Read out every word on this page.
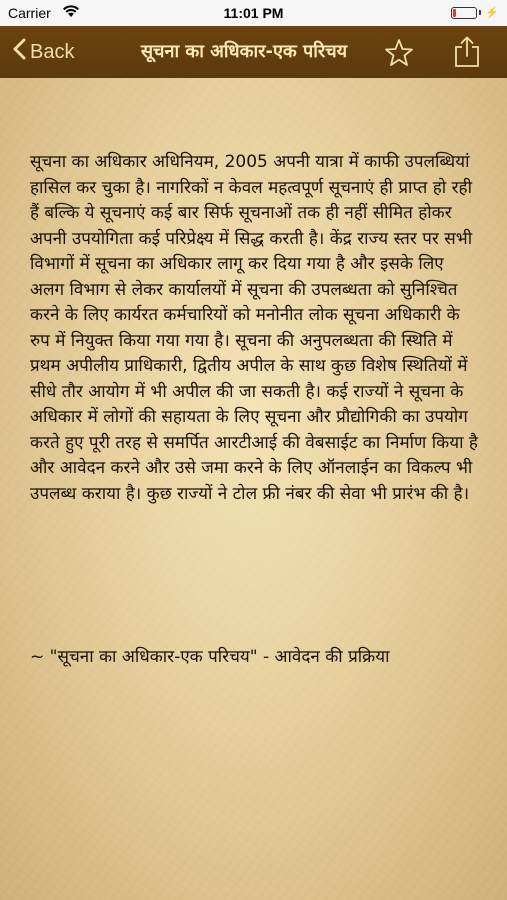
Carrier	11:01 PM	⚡
Back	सूचना का अधिकार-एक परिचय

सूचना का अधिकार अधिनियम, 2005 अपनी यात्रा में काफी उपलब्धियां हासिल कर चुका है। नागरिकों न केवल महत्वपूर्ण सूचनाएं ही प्राप्त हो रही हैं बल्कि ये सूचनाएं कई बार सिर्फ सूचनाओं तक ही नहीं सीमित होकर अपनी उपयोगिता कई परिप्रेक्ष्य में सिद्ध करती है। केंद्र राज्य स्तर पर सभी विभागों में सूचना का अधिकार लागू कर दिया गया है और इसके लिए अलग विभाग से लेकर कार्यालयों में सूचना की उपलब्धता को सुनिश्चित करने के लिए कार्यरत कर्मचारियों को मनोनीत लोक सूचना अधिकारी के रुप में नियुक्त किया गया गया है। सूचना की अनुपलब्धता की स्थिति में प्रथम अपीलीय प्राधिकारी, द्वितीय अपील के साथ कुछ विशेष स्थितियों में सीधे तौर आयोग में भी अपील की जा सकती है। कई राज्यों ने सूचना के अधिकार में लोगों की सहायता के लिए सूचना और प्रौद्योगिकी का उपयोग करते हुए पूरी तरह से समर्पित आरटीआई की वेबसाईट का निर्माण किया है और आवेदन करने और उसे जमा करने के लिए ऑनलाईन का विकल्प भी उपलब्ध कराया है। कुछ राज्यों ने टोल फ्री नंबर की सेवा भी प्रारंभ की है।

~ "सूचना का अधिकार-एक परिचय" - आवेदन की प्रक्रिया
